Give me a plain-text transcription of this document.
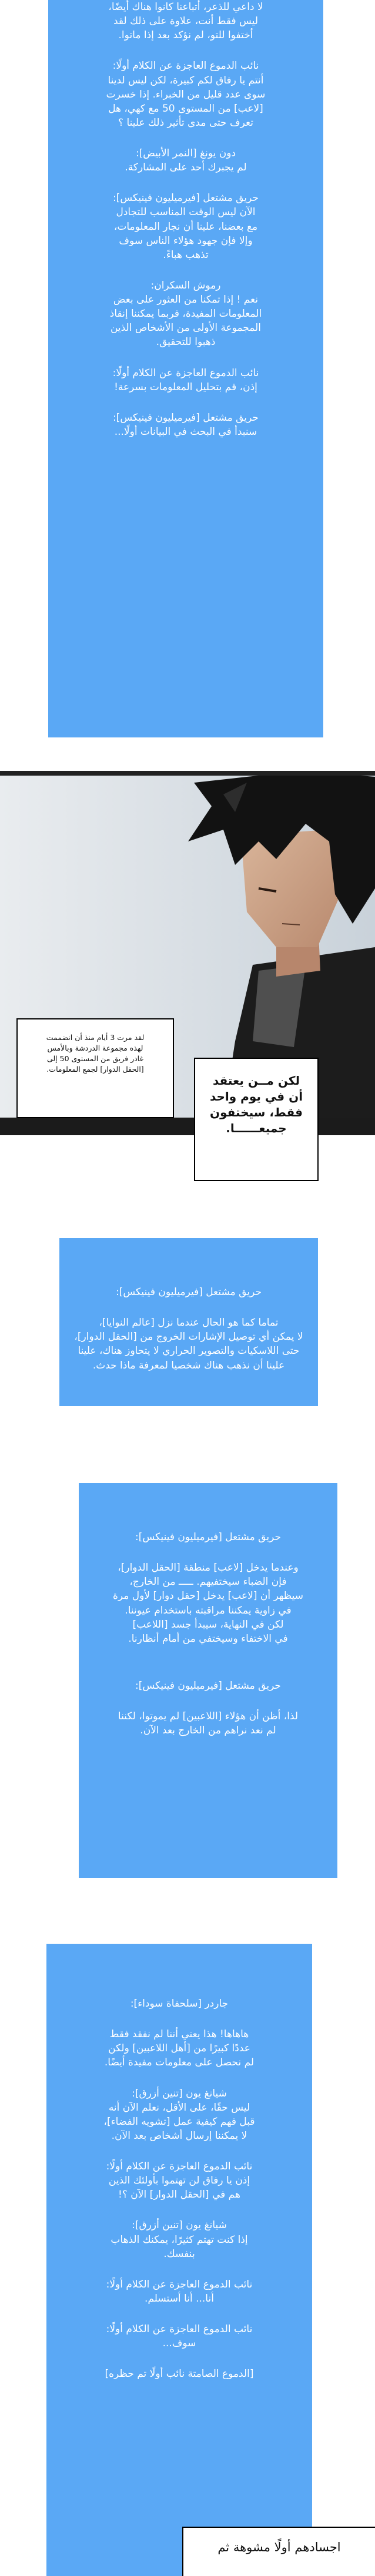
لا داعي للذعر، أتباعنا كانوا هناك أيضًا،
ليس فقط أنت، علاوة على ذلك لقد
أختفوا للتو، لم نؤكد بعد إذا ماتوا.
نائب الدموع العاجزة عن الكلام أولًا:
أنتم يا رفاق لكم كبيرة، لكن ليس لدينا
سوى عدد قليل من الخبراء. إذا خسرت
[لاعب] من المستوى 50 مع كهي، هل
تعرف حتى مدى تأثير ذلك علينا ؟
دون يونغ [النمر الأبيض]:
لم يجبرك أحد على المشاركة.
حريق مشتعل [فيرميليون فينيكس]:
الآن ليس الوقت المناسب للتجادل
مع بعضنا، علينا أن نجار المعلومات،
وإلا فإن جهود هؤلاء الناس سوف
تذهب هباءً.
رموش السكران:
نعم ! إذا تمكنا من العثور على بعض
المعلومات المفيدة، فربما يمكننا إنقاذ
المجموعة الأولى من الأشخاص الذين
ذهبوا للتحقيق.
نائب الدموع العاجزة عن الكلام أولًا:
إذن، قم بتحليل المعلومات بسرعة!
حريق مشتعل [فيرميليون فينيكس]:
سنبدأ في البحث في البيانات أولًا...
لقد مرت 3 أيام منذ أن انضممت
لهذه مجموعة الدردشة وبالأمس
غادر فريق من المستوى 50 إلى
[الحقل الدوار] لجمع المعلومات.
لكن مــن يعتقد
أن في يوم واحد
فقط، سيختفون
جميعــــــا.
حريق مشتعل [فيرميليون فينيكس]:
تماما كما هو الحال عندما نزل [عالم النوايا]،
لا يمكن أي توصيل الإشارات الخروج من [الحقل الدوار]،
حتى اللاسكيات والتصوير الحراري لا يتحاوز هناك، علينا
علينا أن نذهب هناك شخصيا لمعرفة ماذا حدث.
حريق مشتعل [فيرميليون فينيكس]:
وعندما يدخل [لاعب] منطقة [الحقل الدوار]،
فإن الضباء سيختفيهم. ـــــ من الخارج،
سيظهر أن [لاعب] يدخل [حقل دوار] لأول مرة
في زاوية يمكننا مراقبته باستخدام عيوننا.
لكن في النهاية، سيبدأ جسد [اللاعب]
في الاختفاء وسيختفي من أمام أنظارنا.
حريق مشتعل [فيرميليون فينيكس]:
لذا، أظن أن هؤلاء [اللاعبين] لم يموتوا، لكننا
لم نعد نراهم من الخارج بعد الآن.
جاردر [سلحفاة سوداء]:
هاهاها! هذا يعني أننا لم نفقد فقط
عددًا كبيرًا من [أهل اللاعبين] ولكن
لم نحصل على معلومات مفيدة أيضًا.
شيانغ يون [تنين أزرق]:
ليس حقًا، على الأقل، نعلم الآن أنه
قبل فهم كيفية عمل [تشويه الفضاء]،
لا يمكننا إرسال أشخاص بعد الآن.
نائب الدموع العاجزة عن الكلام أولًا:
إذن يا رفاق لن تهتموا بأولئك الذين
هم في [الحقل الدوار] الآن ؟!
شيانغ يون [تنين أزرق]:
إذا كنت تهتم كثيرًا، يمكنك الذهاب
بنفسك.
نائب الدموع العاجزة عن الكلام أولًا:
أنا... أنا أستسلم.
نائب الدموع العاجزة عن الكلام أولًا:
سوف...
[الدموع الصامتة نائب أولًا تم حظره]
اجسادهم أولًا مشوهة ثم
